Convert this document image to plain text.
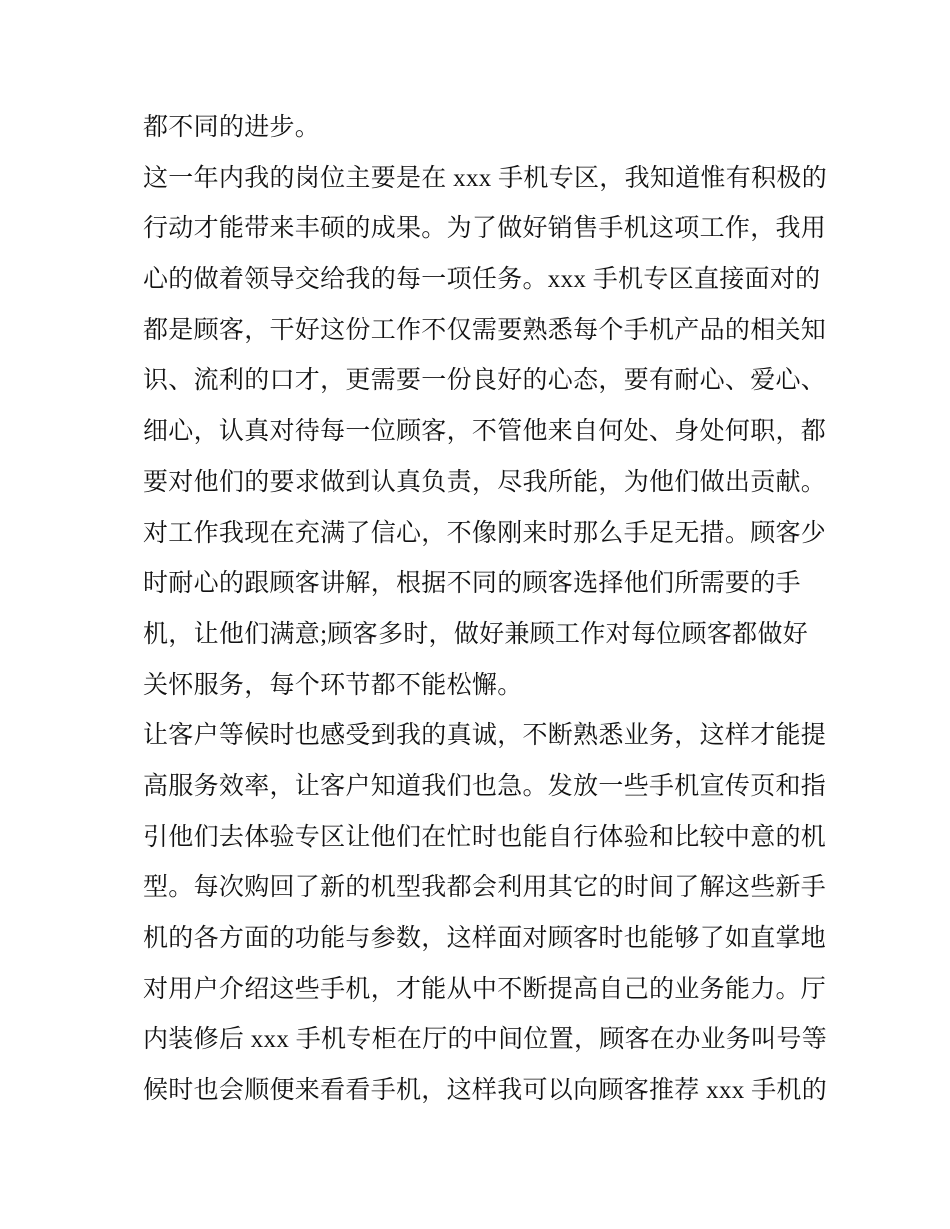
都不同的进步。
这一年内我的岗位主要是在 xxx 手机专区，我知道惟有积极的
行动才能带来丰硕的成果。为了做好销售手机这项工作，我用
心的做着领导交给我的每一项任务。xxx 手机专区直接面对的
都是顾客，干好这份工作不仅需要熟悉每个手机产品的相关知
识、流利的口才，更需要一份良好的心态，要有耐心、爱心、
细心，认真对待每一位顾客，不管他来自何处、身处何职，都
要对他们的要求做到认真负责，尽我所能，为他们做出贡献。
对工作我现在充满了信心，不像刚来时那么手足无措。顾客少
时耐心的跟顾客讲解，根据不同的顾客选择他们所需要的手
机，让他们满意;顾客多时，做好兼顾工作对每位顾客都做好
关怀服务，每个环节都不能松懈。
让客户等候时也感受到我的真诚，不断熟悉业务，这样才能提
高服务效率，让客户知道我们也急。发放一些手机宣传页和指
引他们去体验专区让他们在忙时也能自行体验和比较中意的机
型。每次购回了新的机型我都会利用其它的时间了解这些新手
机的各方面的功能与参数，这样面对顾客时也能够了如直掌地
对用户介绍这些手机，才能从中不断提高自己的业务能力。厅
内装修后 xxx 手机专柜在厅的中间位置，顾客在办业务叫号等
候时也会顺便来看看手机，这样我可以向顾客推荐 xxx 手机的
